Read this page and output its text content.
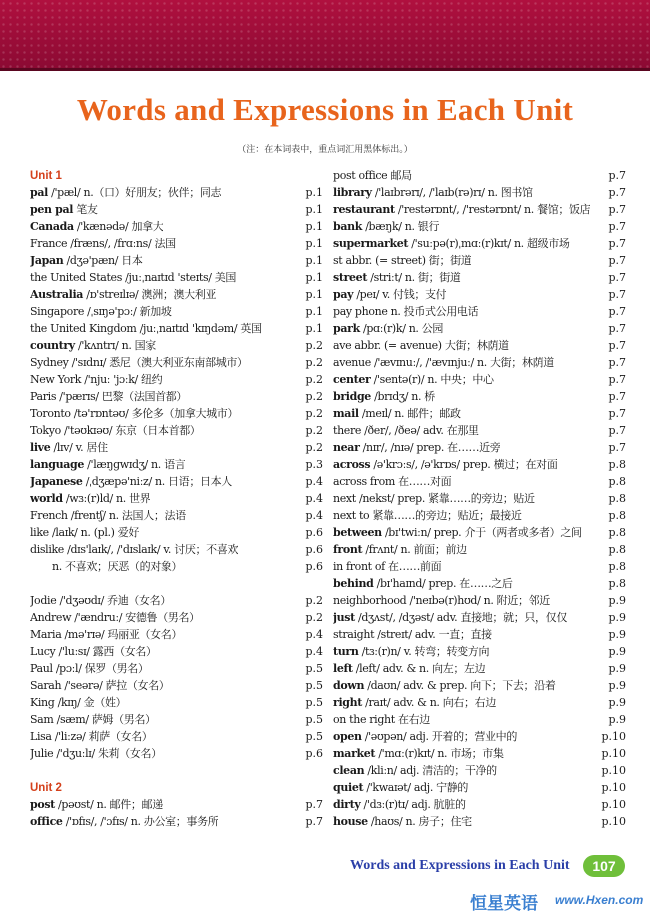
Words and Expressions in Each Unit
（注：在本词表中，重点词汇用黑体标出。）
Unit 1
pal /'pæl/ n.（口）好朋友；伙伴；同志	p.1
pen pal 笔友	p.1
Canada /'kænədə/ 加拿大	p.1
France /fræns/, /frɑːns/ 法国	p.1
Japan /dʒə'pæn/ 日本	p.1
the United States /juːˌnaɪtɪd 'steɪts/ 美国	p.1
Australia /ɒ'streɪlɪə/ 澳洲；澳大利亚	p.1
Singapore /ˌsɪŋə'pɔː/ 新加坡	p.1
the United Kingdom /juːˌnaɪtɪd 'kɪŋdəm/ 英国	p.1
country /'kʌntrɪ/ n. 国家	p.2
Sydney /'sɪdnɪ/ 悉尼（澳大利亚东南部城市）	p.2
New York /'njuː 'jɔːk/ 纽约	p.2
Paris /'pærɪs/ 巴黎（法国首都）	p.2
Toronto /tə'rɒntəʊ/ 多伦多（加拿大城市）	p.2
Tokyo /'təʊkɪəʊ/ 东京（日本首都）	p.2
live /lɪv/ v. 居住	p.2
language /'læŋgwɪdʒ/ n. 语言	p.3
Japanese /ˌdʒæpə'niːz/ n. 日语；日本人	p.4
world /wɜː(r)ld/ n. 世界	p.4
French /frentʃ/ n. 法国人；法语	p.4
like /laɪk/ n. (pl.) 爱好	p.6
dislike /dɪs'laɪk/, /'dɪslaɪk/ v. 讨厌；不喜欢	p.6
n. 不喜欢；厌恶（的对象）	p.6
Jodie /'dʒəʊdɪ/ 乔迪（女名）	p.2
Andrew /'ændruː/ 安德鲁（男名）	p.2
Maria /mə'rɪə/ 玛丽亚（女名）	p.4
Lucy /'luːsɪ/ 露西（女名）	p.4
Paul /pɔːl/ 保罗（男名）	p.5
Sarah /'seərə/ 萨拉（女名）	p.5
King /kɪŋ/ 金（姓）	p.5
Sam /sæm/ 萨姆（男名）	p.5
Lisa /'liːzə/ 莉萨（女名）	p.5
Julie /'dʒuːlɪ/ 朱莉（女名）	p.6
Unit 2
post /pəʊst/ n. 邮件；邮递	p.7
office /'ɒfɪs/, /'ɔfɪs/ n. 办公室；事务所	p.7
post office 邮局	p.7
library /'laɪbrərɪ/, /'laɪb(rə)rɪ/ n. 图书馆	p.7
restaurant /'restərɒnt/, /'restərɒnt/ n. 餐馆；饭店	p.7
bank /bæŋk/ n. 银行	p.7
supermarket /'suːpə(r)ˌmɑː(r)kɪt/ n. 超级市场	p.7
st abbr. (= street) 街；街道	p.7
street /striːt/ n. 街；街道	p.7
pay /peɪ/ v. 付钱；支付	p.7
pay phone n. 投币式公用电话	p.7
park /pɑː(r)k/ n. 公园	p.7
ave abbr. (= avenue) 大街；林荫道	p.7
avenue /'ævɪnuː/, /'ævɪnjuː/ n. 大街；林荫道	p.7
center /'sentə(r)/ n. 中央；中心	p.7
bridge /brɪdʒ/ n. 桥	p.7
mail /meɪl/ n. 邮件；邮政	p.7
there /ðer/, /ðeə/ adv. 在那里	p.7
near /nɪr/, /nɪə/ prep. 在……近旁	p.7
across /ə'krɔːs/, /ə'krɒs/ prep. 横过；在对面	p.8
across from 在……对面	p.8
next /nekst/ prep. 紧靠……的旁边；贴近	p.8
next to 紧靠……的旁边；贴近；最接近	p.8
between /bɪ'twiːn/ prep. 介于（两者或多者）之间	p.8
front /frʌnt/ n. 前面；前边	p.8
in front of 在……前面	p.8
behind /bɪ'haɪnd/ prep. 在……之后	p.8
neighborhood /'neɪbə(r)hʊd/ n. 附近；邻近	p.9
just /dʒʌst/, /dʒəst/ adv. 直接地；就；只，仅仅	p.9
straight /streɪt/ adv. 一直；直接	p.9
turn /tɜː(r)n/ v. 转弯；转变方向	p.9
left /left/ adv. & n. 向左；左边	p.9
down /daʊn/ adv. & prep. 向下；下去；沿着	p.9
right /raɪt/ adv. & n. 向右；右边	p.9
on the right 在右边	p.9
open /'əʊpən/ adj. 开着的；营业中的	p.10
market /'mɑː(r)kɪt/ n. 市场；市集	p.10
clean /kliːn/ adj. 清洁的；干净的	p.10
quiet /'kwaɪət/ adj. 宁静的	p.10
dirty /'dɜː(r)tɪ/ adj. 肮脏的	p.10
house /haʊs/ n. 房子；住宅	p.10
Words and Expressions in Each Unit	107
恒星英语 www.Hxen.com
